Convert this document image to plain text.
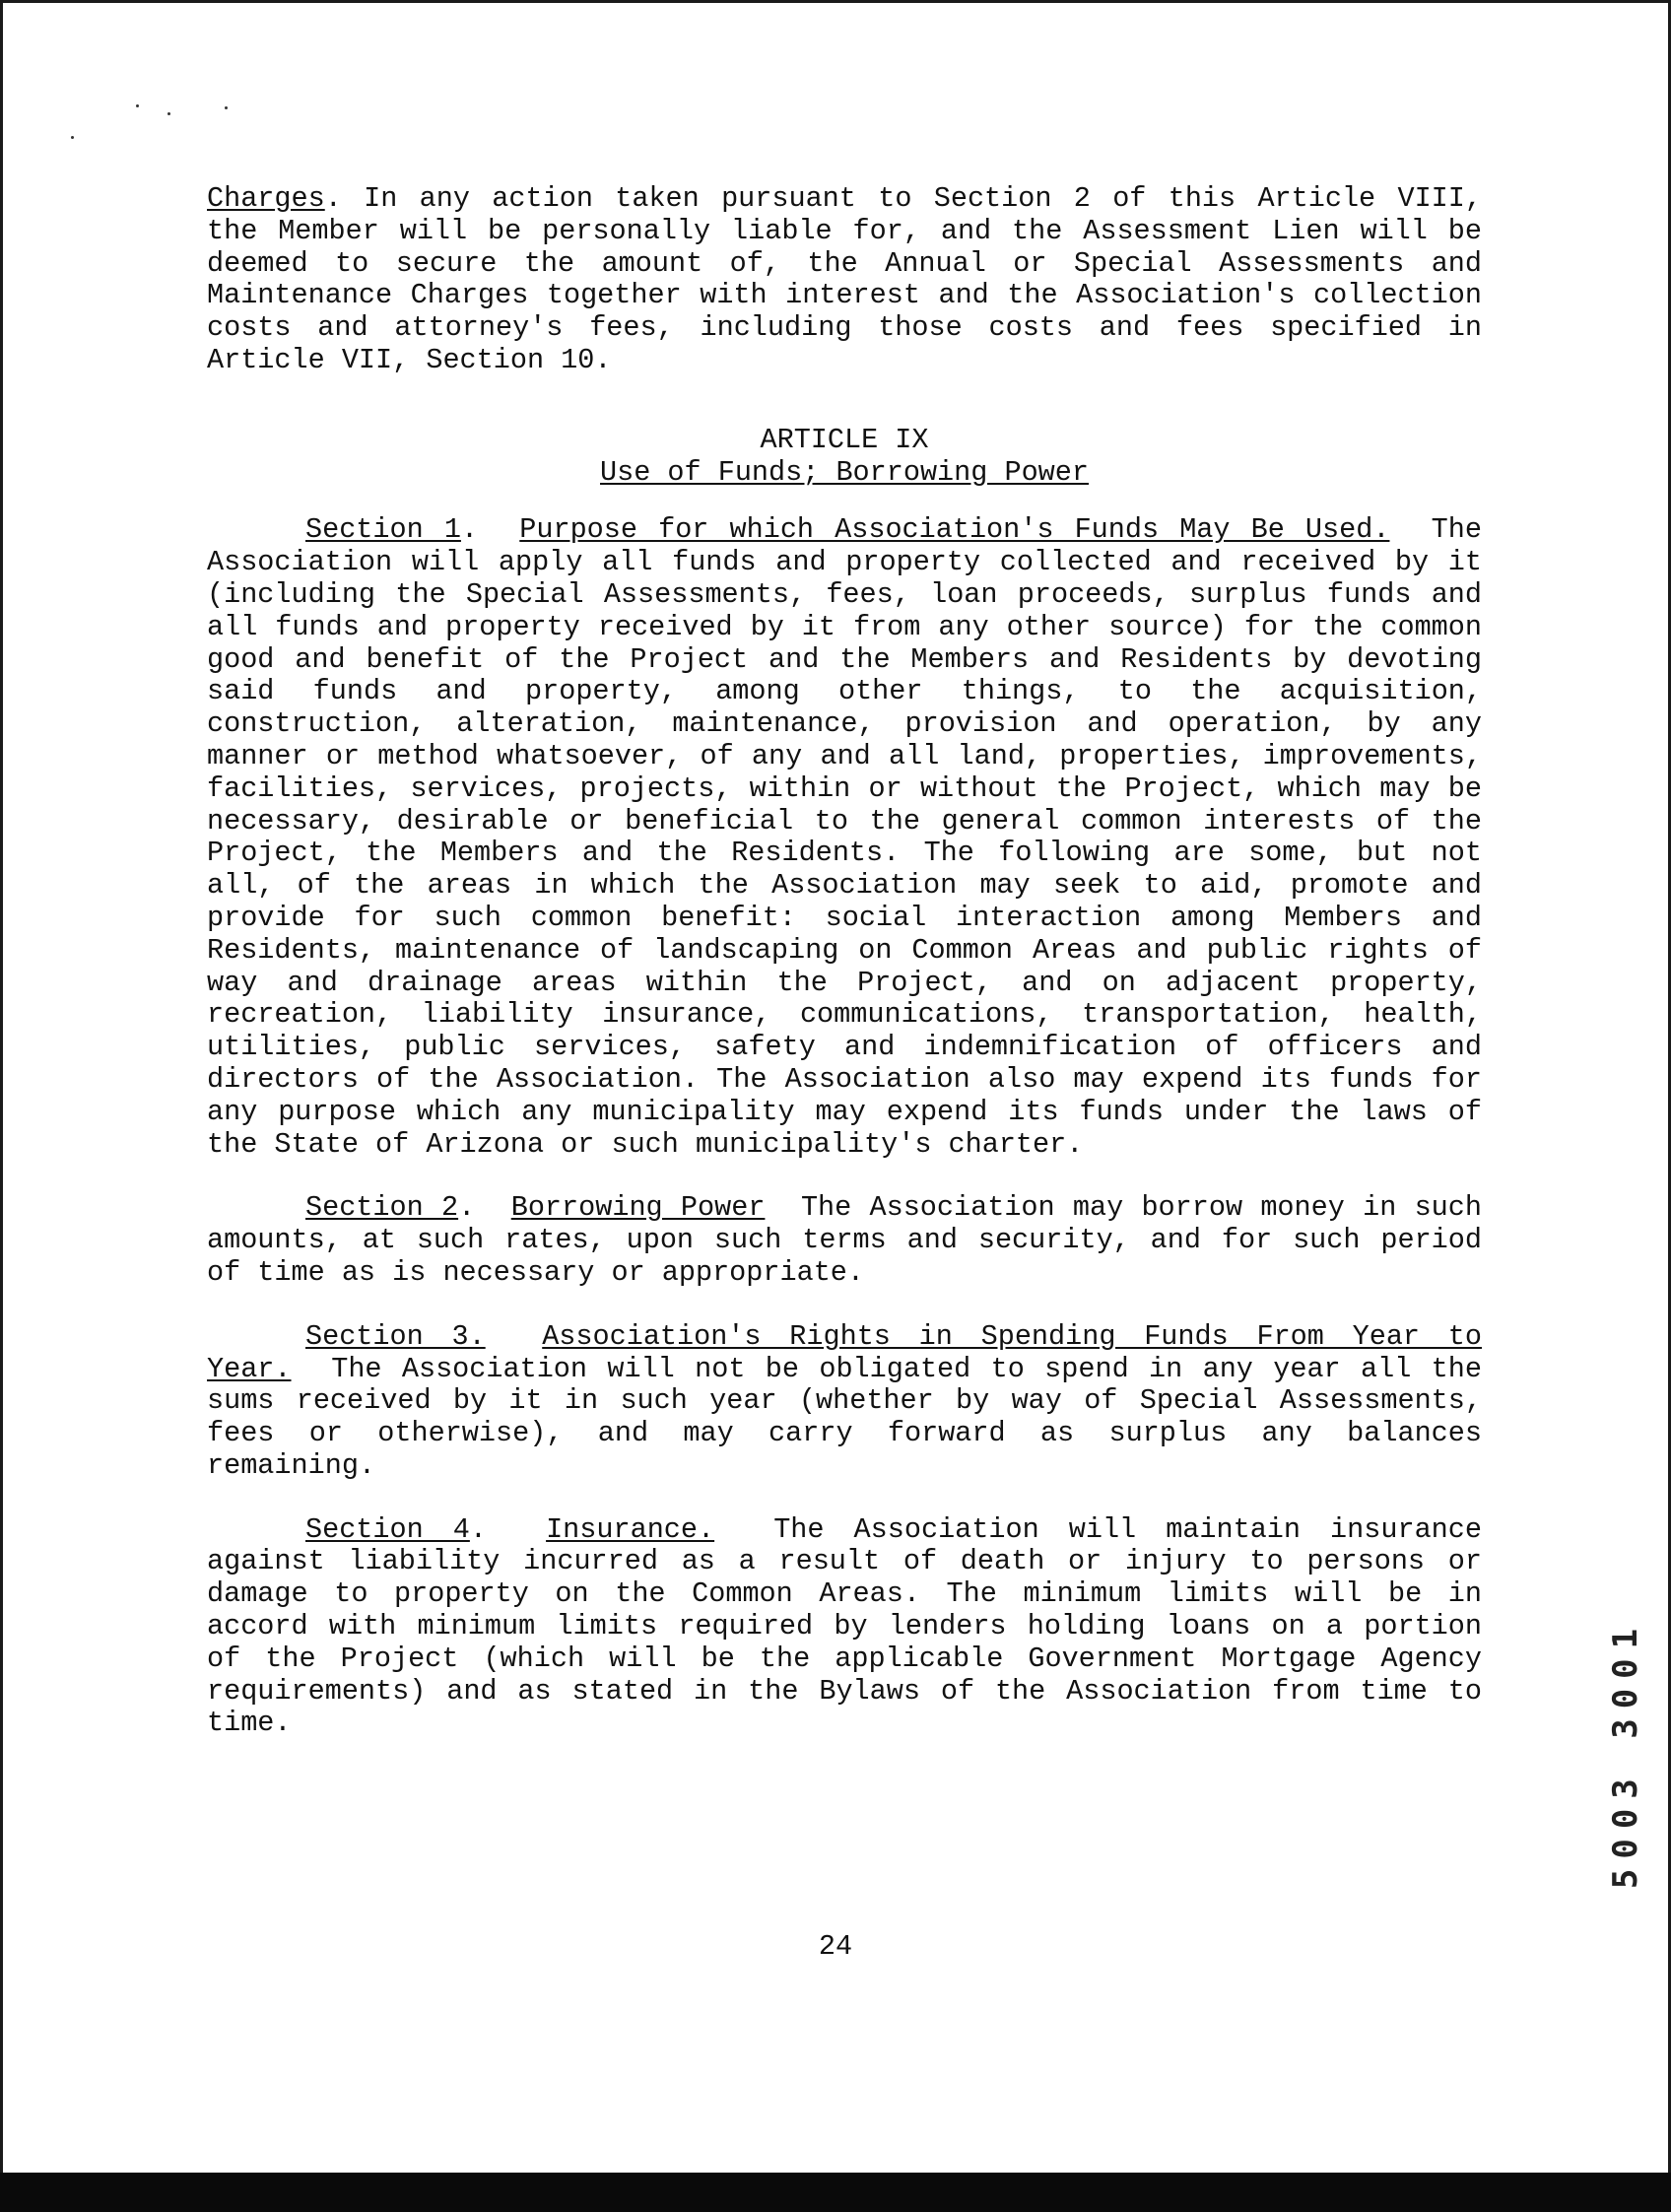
Charges. In any action taken pursuant to Section 2 of this Article VIII, the Member will be personally liable for, and the Assessment Lien will be deemed to secure the amount of, the Annual or Special Assessments and Maintenance Charges together with interest and the Association's collection costs and attorney's fees, including those costs and fees specified in Article VII, Section 10.

ARTICLE IX

Use of Funds; Borrowing Power

Section 1.  Purpose for which Association's Funds May Be Used. The Association will apply all funds and property collected and received by it (including the Special Assessments, fees, loan proceeds, surplus funds and all funds and property received by it from any other source) for the common good and benefit of the Project and the Members and Residents by devoting said funds and property, among other things, to the acquisition, construction, alteration, maintenance, provision and operation, by any manner or method whatsoever, of any and all land, properties, improvements, facilities, services, projects, within or without the Project, which may be necessary, desirable or beneficial to the general common interests of the Project, the Members and the Residents. The following are some, but not all, of the areas in which the Association may seek to aid, promote and provide for such common benefit: social interaction among Members and Residents, maintenance of landscaping on Common Areas and public rights of way and drainage areas within the Project, and on adjacent property, recreation, liability insurance, communications, transportation, health, utilities, public services, safety and indemnification of officers and directors of the Association. The Association also may expend its funds for any purpose which any municipality may expend its funds under the laws of the State of Arizona or such municipality's charter.

Section 2.  Borrowing Power The Association may borrow money in such amounts, at such rates, upon such terms and security, and for such period of time as is necessary or appropriate.

Section 3. Association's Rights in Spending Funds From Year to Year. The Association will not be obligated to spend in any year all the sums received by it in such year (whether by way of Special Assessments, fees or otherwise), and may carry forward as surplus any balances remaining.

Section 4.  Insurance. The Association will maintain insurance against liability incurred as a result of death or injury to persons or damage to property on the Common Areas. The minimum limits will be in accord with minimum limits required by lenders holding loans on a portion of the Project (which will be the applicable Government Mortgage Agency requirements) and as stated in the Bylaws of the Association from time to time.	5003 3001
24
